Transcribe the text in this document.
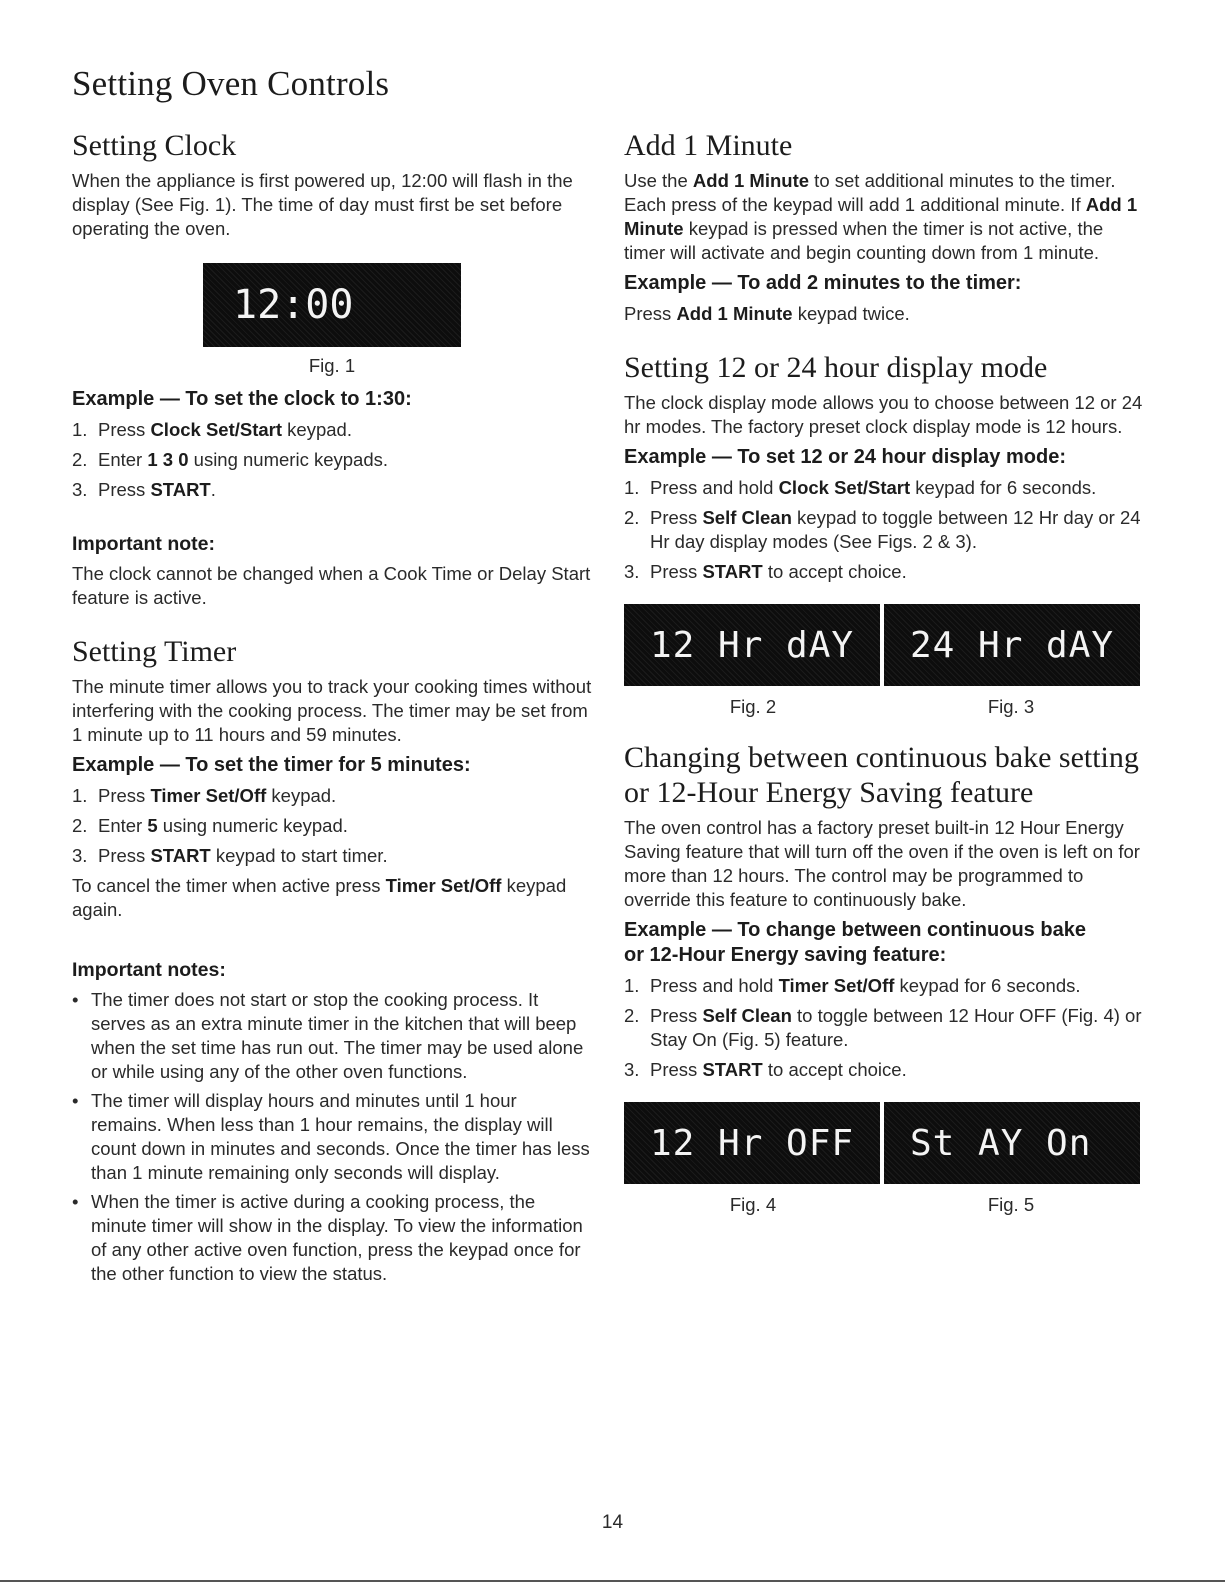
Setting Oven Controls
Setting Clock

When the appliance is first powered up, 12:00 will flash in the display (See Fig. 1). The time of day must first be set before operating the oven.

12:00
Fig. 1

Example — To set the clock to 1:30:

1. Press Clock Set/Start keypad.
2. Enter 1 3 0 using numeric keypads.
3. Press START.

Important note:

The clock cannot be changed when a Cook Time or Delay Start feature is active.

Setting Timer

The minute timer allows you to track your cooking times without interfering with the cooking process. The timer may be set from 1 minute up to 11 hours and 59 minutes.

Example — To set the timer for 5 minutes:

1. Press Timer Set/Off keypad.
2. Enter 5 using numeric keypad.
3. Press START keypad to start timer.

To cancel the timer when active press Timer Set/Off keypad again.

Important notes:

• The timer does not start or stop the cooking process. It serves as an extra minute timer in the kitchen that will beep when the set time has run out. The timer may be used alone or while using any of the other oven functions.
• The timer will display hours and minutes until 1 hour remains. When less than 1 hour remains, the display will count down in minutes and seconds. Once the timer has less than 1 minute remaining only seconds will display.
• When the timer is active during a cooking process, the minute timer will show in the display. To view the information of any other active oven function, press the keypad once for the other function to view the status.
Add 1 Minute

Use the Add 1 Minute to set additional minutes to the timer. Each press of the keypad will add 1 additional minute. If Add 1 Minute keypad is pressed when the timer is not active, the timer will activate and begin counting down from 1 minute.

Example — To add 2 minutes to the timer:

Press Add 1 Minute keypad twice.

Setting 12 or 24 hour display mode

The clock display mode allows you to choose between 12 or 24 hr modes. The factory preset clock display mode is 12 hours.

Example — To set 12 or 24 hour display mode:

1. Press and hold Clock Set/Start keypad for 6 seconds.
2. Press Self Clean keypad to toggle between 12 Hr day or 24 Hr day display modes (See Figs. 2 & 3).
3. Press START to accept choice.
12 Hr dAY 24 Hr dAY
Fig. 2	Fig. 3
Changing between continuous bake setting
or 12-Hour Energy Saving feature

The oven control has a factory preset built-in 12 Hour Energy Saving feature that will turn off the oven if the oven is left on for more than 12 hours. The control may be programmed to override this feature to continuously bake.

Example — To change between continuous bake
or 12-Hour Energy saving feature:

1. Press and hold Timer Set/Off keypad for 6 seconds.
2. Press Self Clean to toggle between 12 Hour OFF (Fig. 4) or Stay On (Fig. 5) feature.
3. Press START to accept choice.
12 Hr OFF St AY On
Fig. 4	Fig. 5
14
